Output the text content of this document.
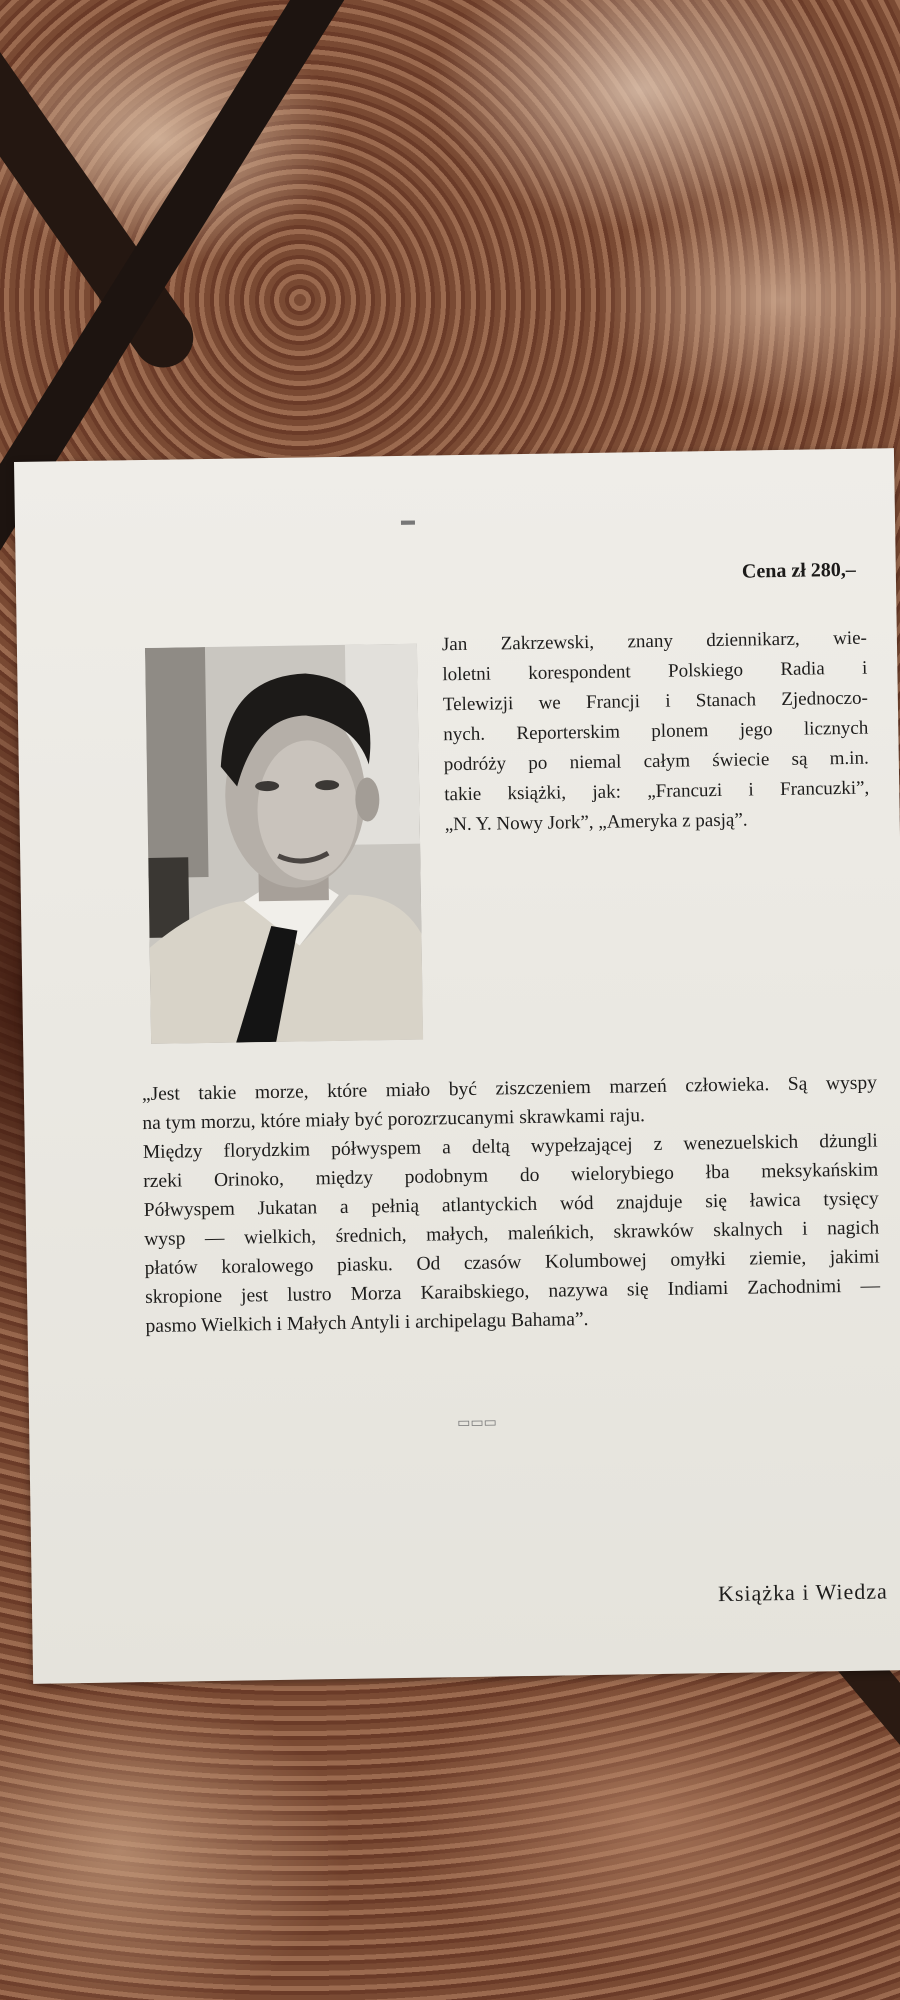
▬
Cena zł 280,–
Jan Zakrzewski, znany dziennikarz, wie-
loletni korespondent Polskiego Radia i
Telewizji we Francji i Stanach Zjednoczo-
nych. Reporterskim plonem jego licznych
podróży po niemal całym świecie są m.in.
takie książki, jak: „Francuzi i Francuzki”,
„N. Y. Nowy Jork”, „Ameryka z pasją”.
„Jest takie morze, które miało być ziszczeniem marzeń człowieka. Są wyspy
na tym morzu, które miały być porozrzucanymi skrawkami raju.
Między florydzkim półwyspem a deltą wypełzającej z wenezuelskich dżungli
rzeki Orinoko, między podobnym do wielorybiego łba meksykańskim
Półwyspem Jukatan a pełnią atlantyckich wód znajduje się ławica tysięcy
wysp — wielkich, średnich, małych, maleńkich, skrawków skalnych i nagich
płatów koralowego piasku. Od czasów Kolumbowej omyłki ziemie, jakimi
skropione jest lustro Morza Karaibskiego, nazywa się Indiami Zachodnimi —
pasmo Wielkich i Małych Antyli i archipelagu Bahama”.
▭▭▭
Książka i Wiedza
